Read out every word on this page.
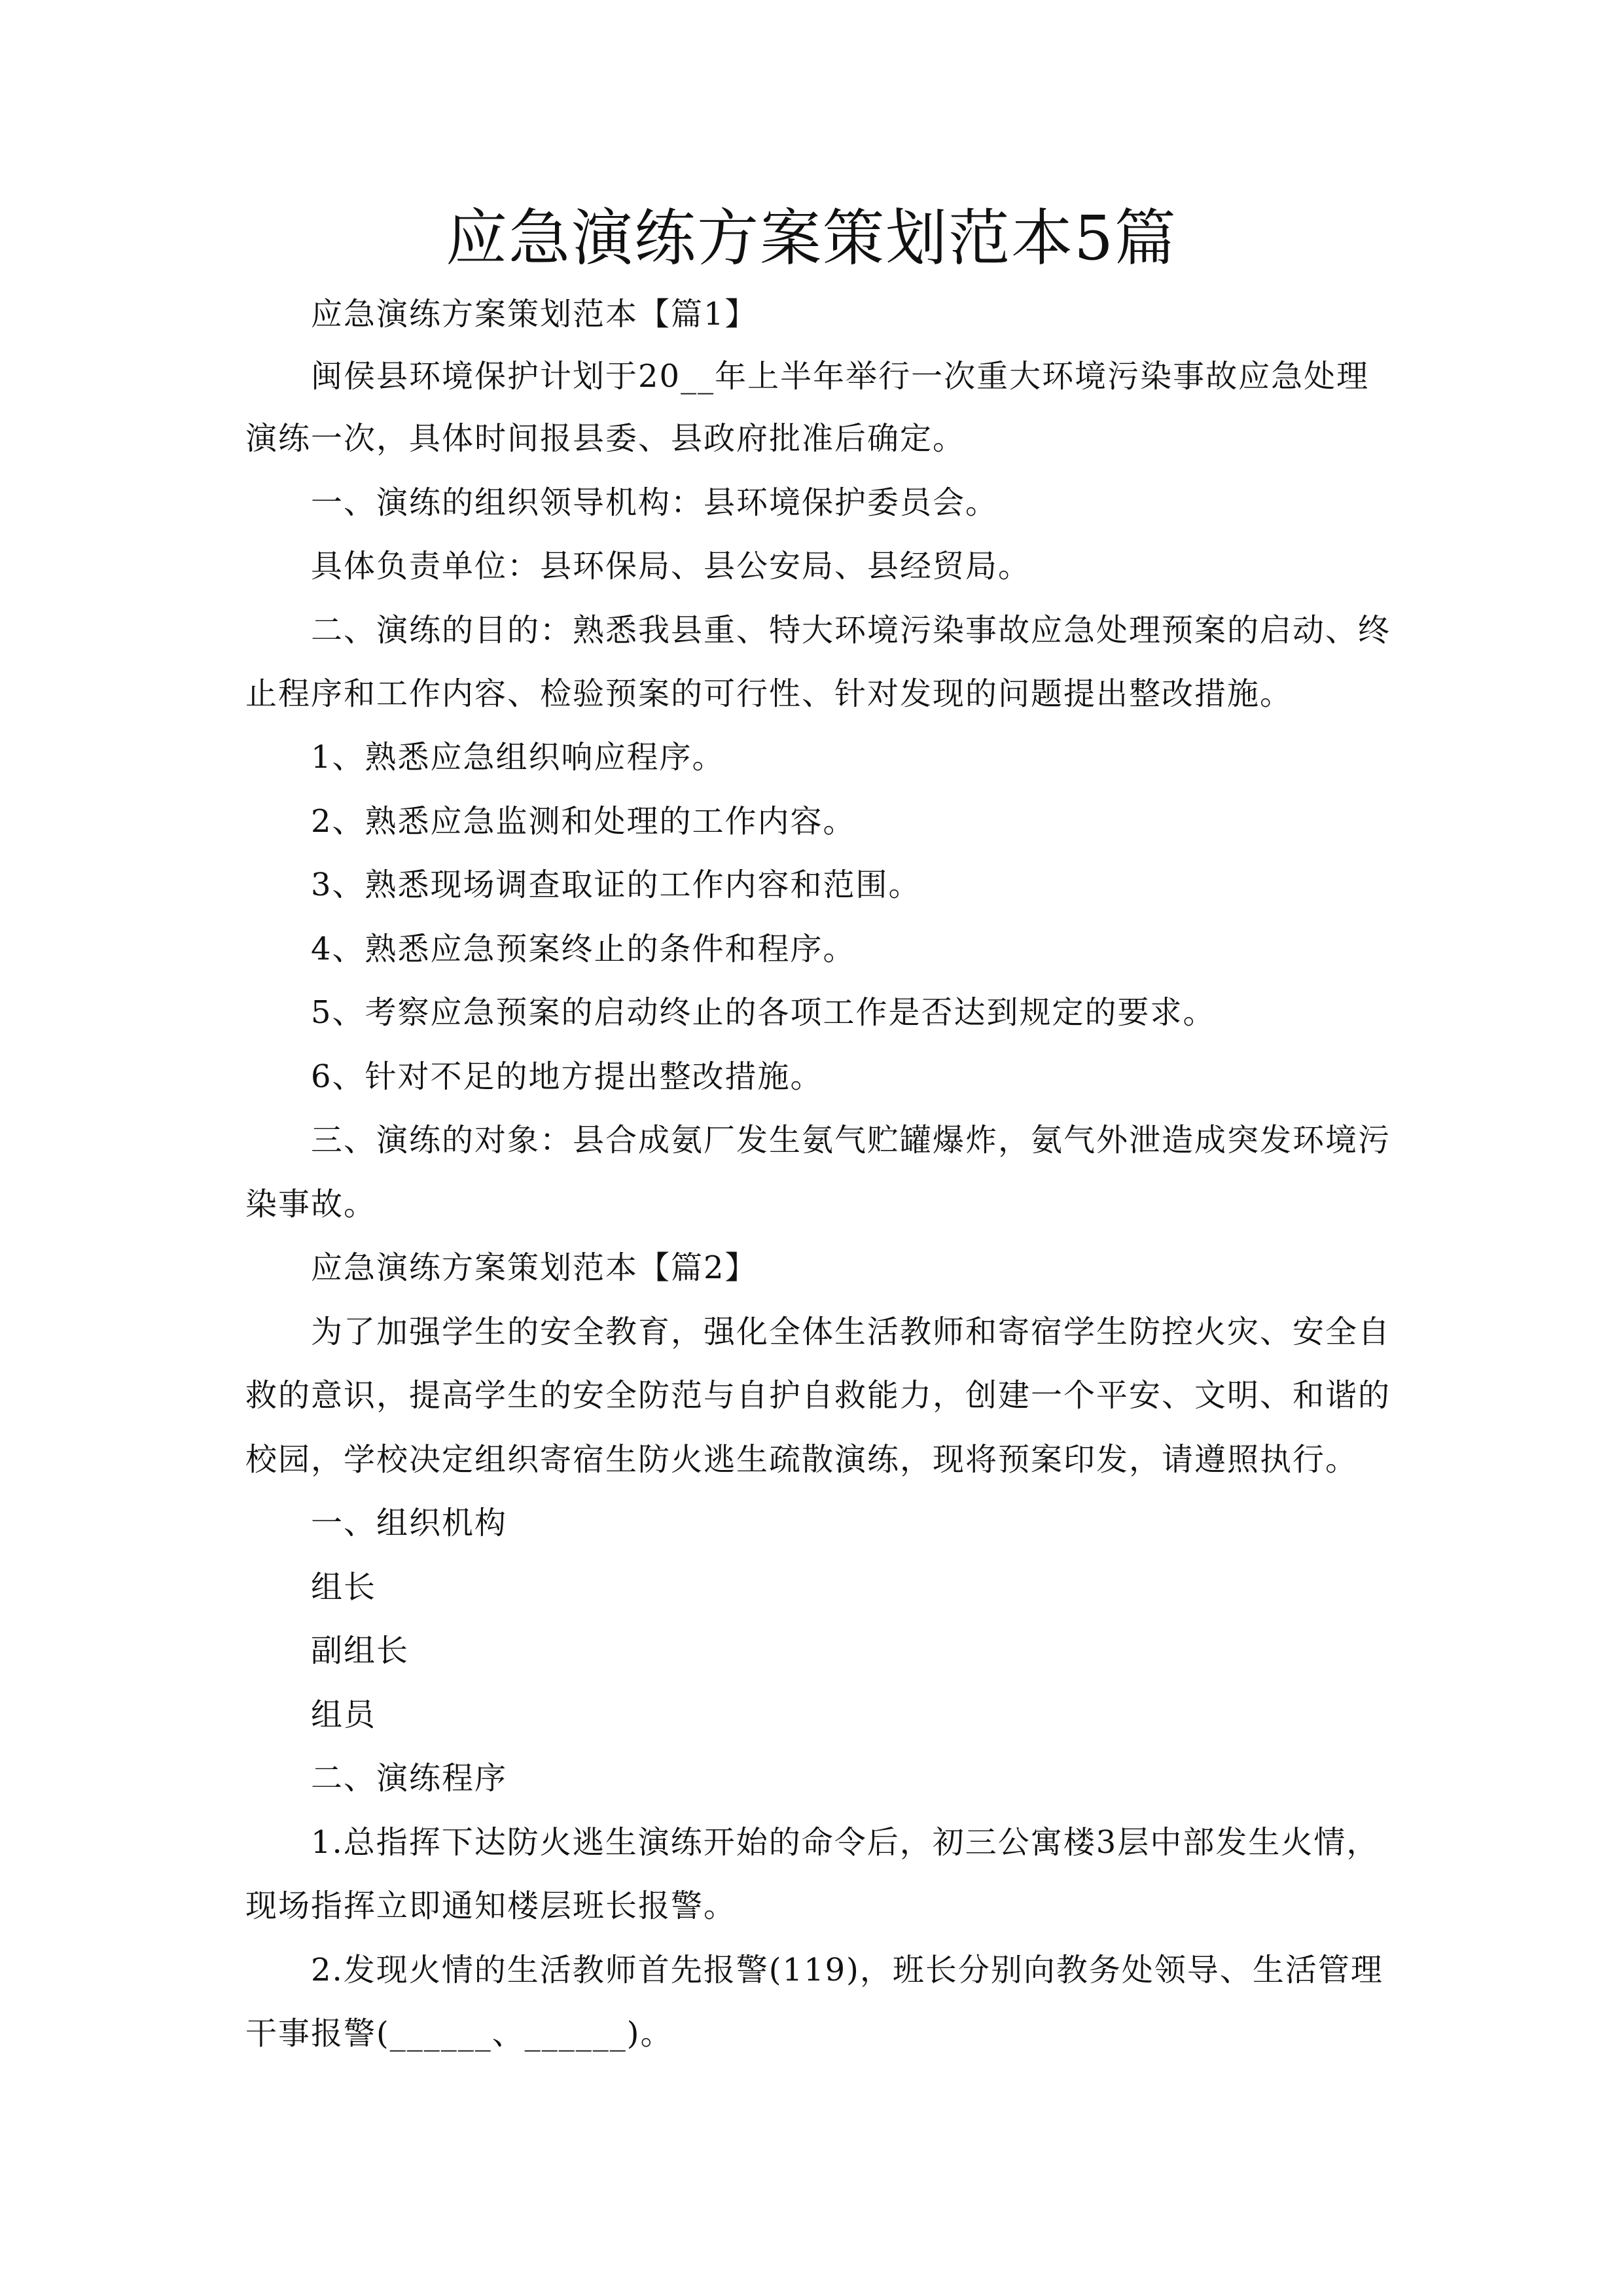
应急演练方案策划范本5篇

应急演练方案策划范本【篇1】

闽侯县环境保护计划于20__年上半年举行一次重大环境污染事故应急处理

演练一次，具体时间报县委、县政府批准后确定。

一、演练的组织领导机构：县环境保护委员会。

具体负责单位：县环保局、县公安局、县经贸局。

二、演练的目的：熟悉我县重、特大环境污染事故应急处理预案的启动、终

止程序和工作内容、检验预案的可行性、针对发现的问题提出整改措施。

1、熟悉应急组织响应程序。

2、熟悉应急监测和处理的工作内容。

3、熟悉现场调查取证的工作内容和范围。

4、熟悉应急预案终止的条件和程序。

5、考察应急预案的启动终止的各项工作是否达到规定的要求。

6、针对不足的地方提出整改措施。

三、演练的对象：县合成氨厂发生氨气贮罐爆炸，氨气外泄造成突发环境污

染事故。

应急演练方案策划范本【篇2】

为了加强学生的安全教育，强化全体生活教师和寄宿学生防控火灾、安全自

救的意识，提高学生的安全防范与自护自救能力，创建一个平安、文明、和谐的

校园，学校决定组织寄宿生防火逃生疏散演练，现将预案印发，请遵照执行。

一、组织机构

组长

副组长

组员

二、演练程序

1.总指挥下达防火逃生演练开始的命令后，初三公寓楼3层中部发生火情，

现场指挥立即通知楼层班长报警。

2.发现火情的生活教师首先报警(119)，班长分别向教务处领导、生活管理

干事报警(______、______)。
